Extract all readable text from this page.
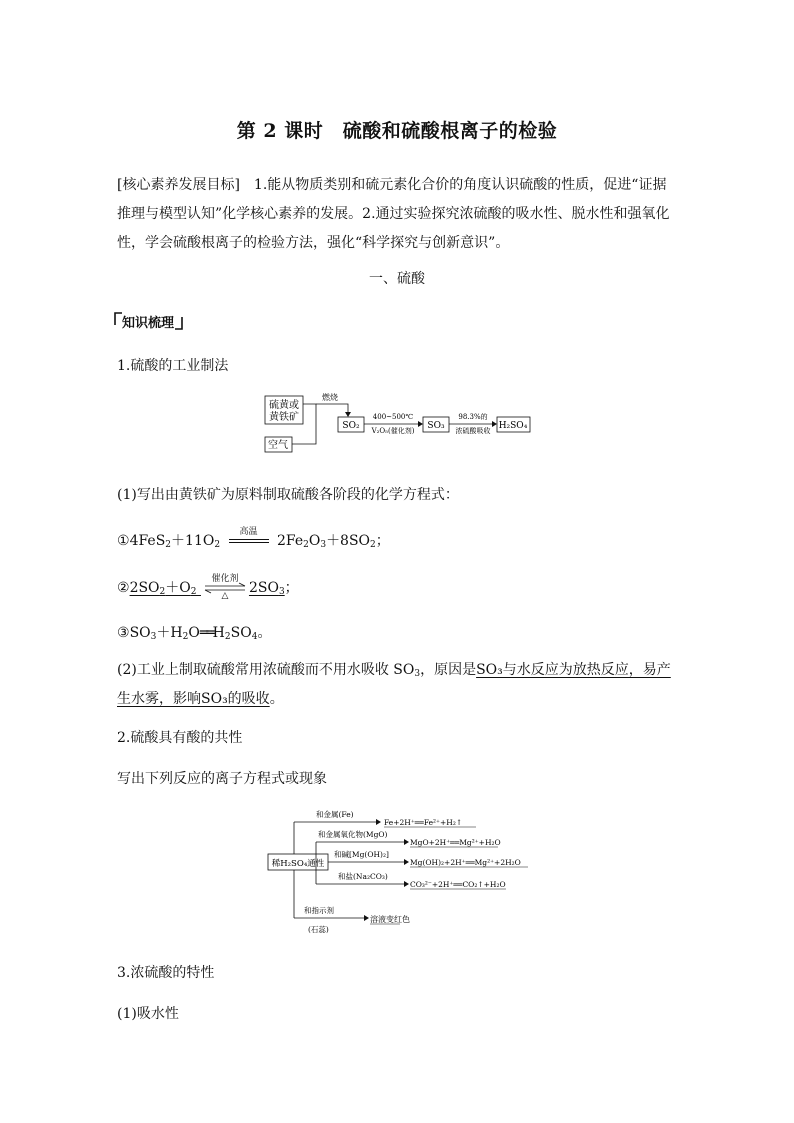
第 2 课时　硫酸和硫酸根离子的检验
[核心素养发展目标]　1.能从物质类别和硫元素化合价的角度认识硫酸的性质，促进“证据推理与模型认知”化学核心素养的发展。2.通过实验探究浓硫酸的吸水性、脱水性和强氧化性，学会硫酸根离子的检验方法，强化“科学探究与创新意识”。
一、硫酸
知识梳理
1.硫酸的工业制法
硫黄或
黄铁矿
空气
燃烧
SO₂
400~500℃
V₂O₅(催化剂) SO₃
98.3%的
浓硫酸吸收 H₂SO₄
(1)写出由黄铁矿为原料制取硫酸各阶段的化学方程式：
$①4FeS_2+11O_2$
高温
$2Fe_2O_3+8SO_2$；
$②2SO_2+O_2$
催化剂
△	$2SO_3$；
$③SO_3+H_2O══H_2SO_4$。
(2)工业上制取硫酸常用浓硫酸而不用水吸收 $SO_3$，原因是SO₃与水反应为放热反应，易产生水雾，影响SO₃的吸收。
2.硫酸具有酸的共性
写出下列反应的离子方程式或现象
稀H₂SO₄通性
和金属(Fe)
Fe+2H⁺══Fe²⁺+H₂↑
和金属氧化物(MgO)
MgO+2H⁺══Mg²⁺+H₂O
和碱[Mg(OH)₂]
Mg(OH)₂+2H⁺══Mg²⁺+2H₂O
和盐(Na₂CO₃)
CO₃²⁻+2H⁺══CO₂↑+H₂O
和指示剂
(石蕊)
溶液变红色
3.浓硫酸的特性
(1)吸水性
